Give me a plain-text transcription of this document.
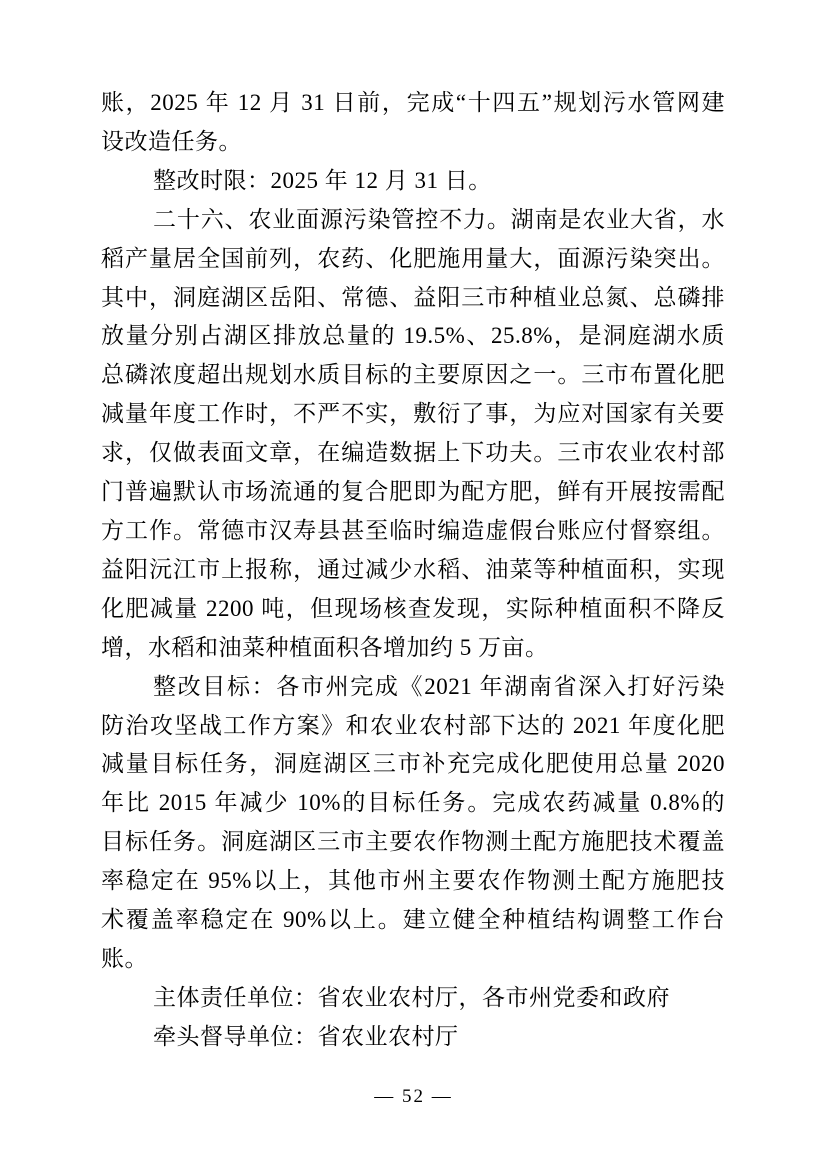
账，2025 年 12 月 31 日前，完成“十四五”规划污水管网建
设改造任务。
整改时限：2025 年 12 月 31 日。
二十六、农业面源污染管控不力。湖南是农业大省，水
稻产量居全国前列，农药、化肥施用量大，面源污染突出。
其中，洞庭湖区岳阳、常德、益阳三市种植业总氮、总磷排
放量分别占湖区排放总量的 19.5%、25.8%，是洞庭湖水质
总磷浓度超出规划水质目标的主要原因之一。三市布置化肥
减量年度工作时，不严不实，敷衍了事，为应对国家有关要
求，仅做表面文章，在编造数据上下功夫。三市农业农村部
门普遍默认市场流通的复合肥即为配方肥，鲜有开展按需配
方工作。常德市汉寿县甚至临时编造虚假台账应付督察组。
益阳沅江市上报称，通过减少水稻、油菜等种植面积，实现
化肥减量 2200 吨，但现场核查发现，实际种植面积不降反
增，水稻和油菜种植面积各增加约 5 万亩。
整改目标：各市州完成《2021 年湖南省深入打好污染
防治攻坚战工作方案》和农业农村部下达的 2021 年度化肥
减量目标任务，洞庭湖区三市补充完成化肥使用总量 2020
年比 2015 年减少 10%的目标任务。完成农药减量 0.8%的
目标任务。洞庭湖区三市主要农作物测土配方施肥技术覆盖
率稳定在 95%以上，其他市州主要农作物测土配方施肥技
术覆盖率稳定在 90%以上。建立健全种植结构调整工作台
账。
主体责任单位：省农业农村厅，各市州党委和政府
牵头督导单位：省农业农村厅
— 52 —
